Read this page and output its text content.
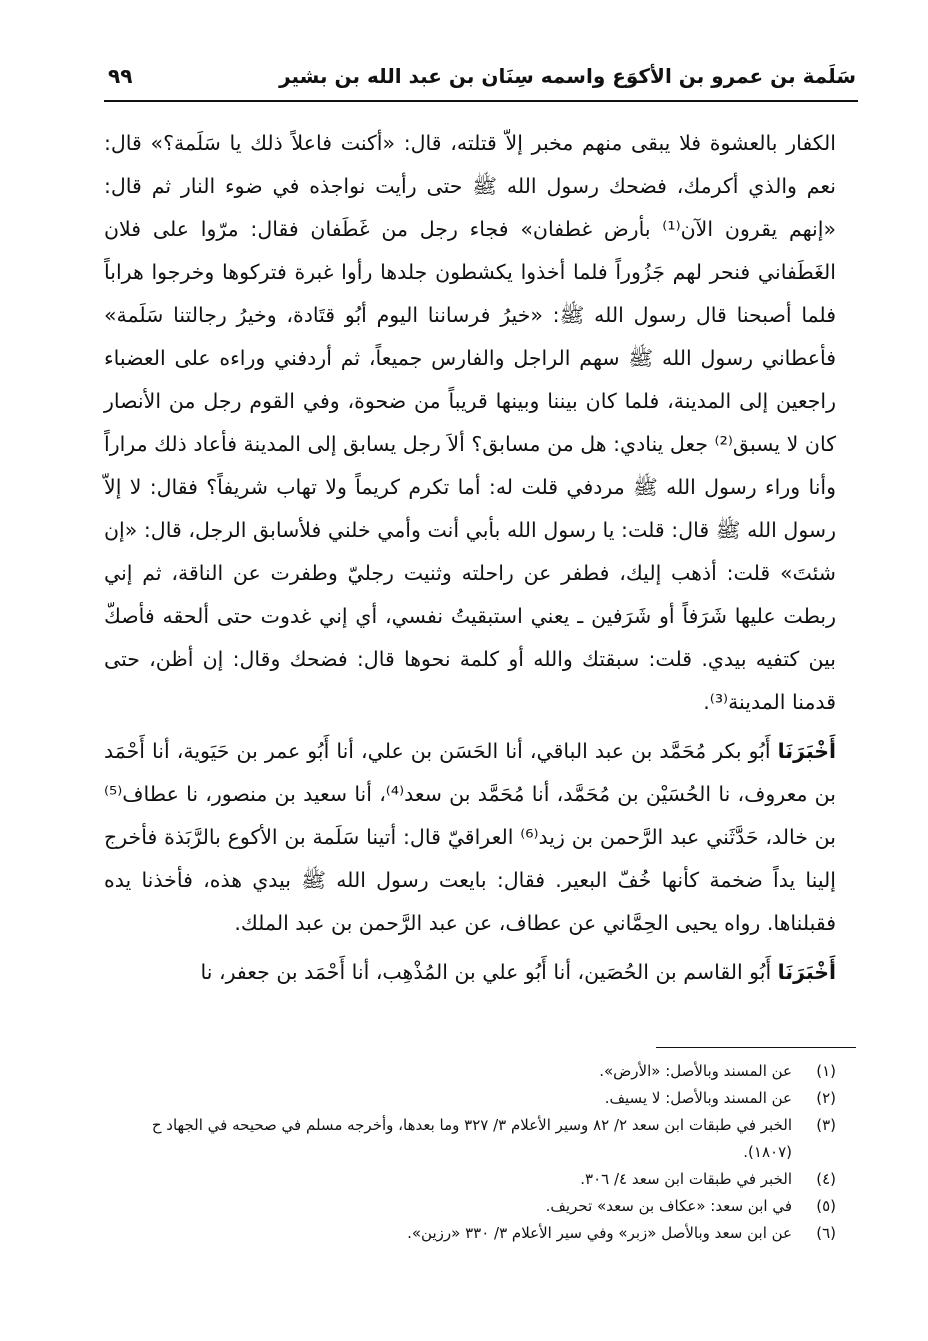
سَلَمة بن عمرو بن الأكوَع واسمه سِنَان بن عبد الله بن بشير
٩٩

الكفار بالعشوة فلا يبقى منهم مخبر إلاّ قتلته، قال: «أكنت فاعلاً ذلك يا سَلَمة؟» قال: نعم والذي أكرمك، فضحك رسول الله ﷺ حتى رأيت نواجذه في ضوء النار ثم قال: «إنهم يقرون الآن⁽¹⁾ بأرض غطفان» فجاء رجل من غَطَفان فقال: مرّوا على فلان الغَطَفاني فنحر لهم جَزُوراً فلما أخذوا يكشطون جلدها رأوا غبرة فتركوها وخرجوا هراباً فلما أصبحنا قال رسول الله ﷺ: «خيرُ فرساننا اليوم أبُو قتَادة، وخيرُ رجالتنا سَلَمة» فأعطاني رسول الله ﷺ سهم الراجل والفارس جميعاً، ثم أردفني وراءه على العضباء راجعين إلى المدينة، فلما كان بيننا وبينها قريباً من ضحوة، وفي القوم رجل من الأنصار كان لا يسبق⁽²⁾ جعل ينادي: هل من مسابق؟ ألاَ رجل يسابق إلى المدينة فأعاد ذلك مراراً وأنا وراء رسول الله ﷺ مردفي قلت له: أما تكرم كريماً ولا تهاب شريفاً؟ فقال: لا إلاّ رسول الله ﷺ قال: قلت: يا رسول الله بأبي أنت وأمي خلني فلأسابق الرجل، قال: «إن شئتَ» قلت: أذهب إليك، فطفر عن راحلته وثنيت رجليّ وطفرت عن الناقة، ثم إني ربطت عليها شَرَفاً أو شَرَفين ـ يعني استبقيتُ نفسي، أي إني غدوت حتى ألحقه فأصكّ بين كتفيه بيدي. قلت: سبقتك والله أو كلمة نحوها قال: فضحك وقال: إن أظن، حتى قدمنا المدينة⁽³⁾.

أَخْبَرَنَا أَبُو بكر مُحَمَّد بن عبد الباقي، أنا الحَسَن بن علي، أنا أَبُو عمر بن حَيَوية، أنا أَحْمَد بن معروف، نا الحُسَيْن بن مُحَمَّد، أنا مُحَمَّد بن سعد⁽⁴⁾، أنا سعيد بن منصور، نا عطاف⁽⁵⁾ بن خالد، حَدَّثَني عبد الرَّحمن بن زيد⁽⁶⁾ العراقيّ قال: أتينا سَلَمة بن الأكوع بالرَّبَذة فأخرج إلينا يداً ضخمة كأنها خُفّ البعير. فقال: بايعت رسول الله ﷺ بيدي هذه، فأخذنا يده فقبلناها. رواه يحيى الحِمَّاني عن عطاف، عن عبد الرَّحمن بن عبد الملك.

أَخْبَرَنَا أَبُو القاسم بن الحُصَين، أنا أَبُو علي بن المُذْهِب، أنا أَحْمَد بن جعفر، نا

(١)
عن المسند وبالأصل: «الأرض».
(٢)
عن المسند وبالأصل: لا يسيف.
(٣)
الخبر في طبقات ابن سعد ٢/ ٨٢ وسير الأعلام ٣/ ٣٢٧ وما بعدها، وأخرجه مسلم في صحيحه في الجهاد ح (١٨٠٧).
(٤)
الخبر في طبقات ابن سعد ٤/ ٣٠٦.
(٥)
في ابن سعد: «عكاف بن سعد» تحريف.
(٦)
عن ابن سعد وبالأصل «زبر» وفي سير الأعلام ٣/ ٣٣٠ «رزين».
